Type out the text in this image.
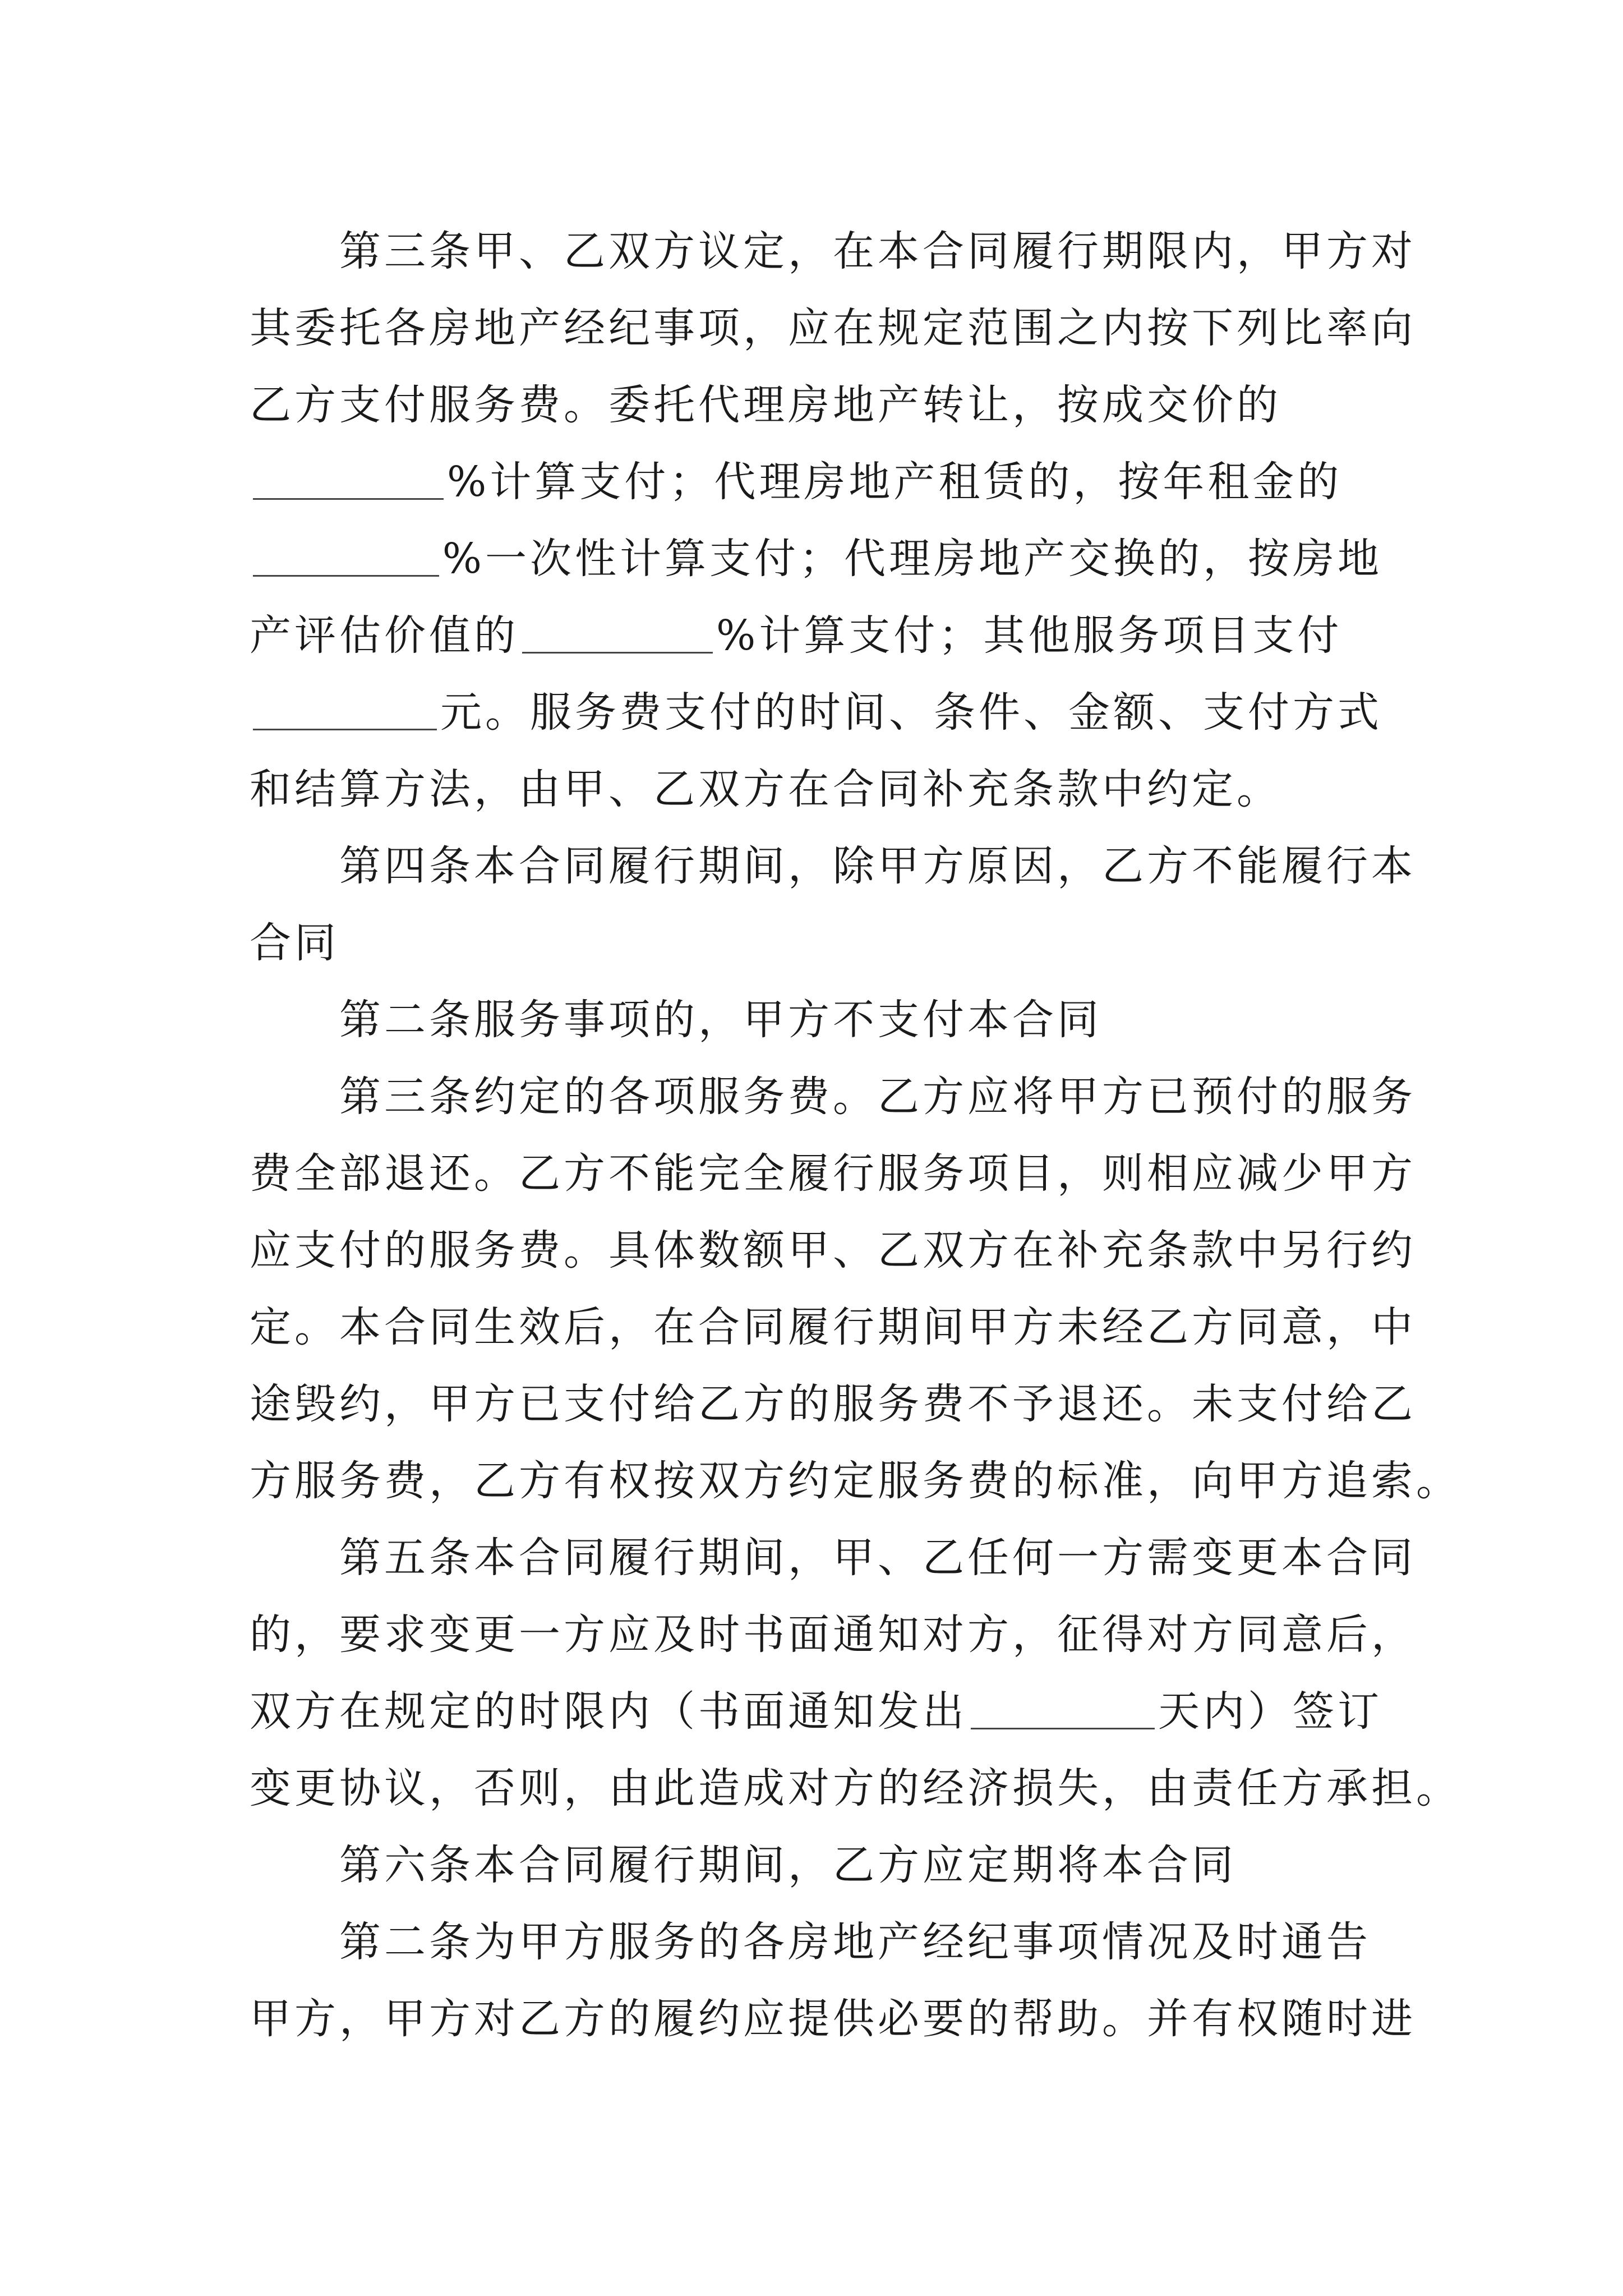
第三条甲、乙双方议定，在本合同履行期限内，甲方对
其委托各房地产经纪事项，应在规定范围之内按下列比率向
乙方支付服务费。委托代理房地产转让，按成交价的
%计算支付；代理房地产租赁的，按年租金的
%一次性计算支付；代理房地产交换的，按房地
产评估价值的	%计算支付；其他服务项目支付
元。服务费支付的时间、条件、金额、支付方式
和结算方法，由甲、乙双方在合同补充条款中约定。
第四条本合同履行期间，除甲方原因，乙方不能履行本
合同
第二条服务事项的，甲方不支付本合同
第三条约定的各项服务费。乙方应将甲方已预付的服务
费全部退还。乙方不能完全履行服务项目，则相应减少甲方
应支付的服务费。具体数额甲、乙双方在补充条款中另行约
定。本合同生效后，在合同履行期间甲方未经乙方同意，中
途毁约，甲方已支付给乙方的服务费不予退还。未支付给乙
方服务费，乙方有权按双方约定服务费的标准，向甲方追索。
第五条本合同履行期间，甲、乙任何一方需变更本合同
的，要求变更一方应及时书面通知对方，征得对方同意后，
双方在规定的时限内（书面通知发出	天内）签订
变更协议，否则，由此造成对方的经济损失，由责任方承担。
第六条本合同履行期间，乙方应定期将本合同
第二条为甲方服务的各房地产经纪事项情况及时通告
甲方，甲方对乙方的履约应提供必要的帮助。并有权随时进
